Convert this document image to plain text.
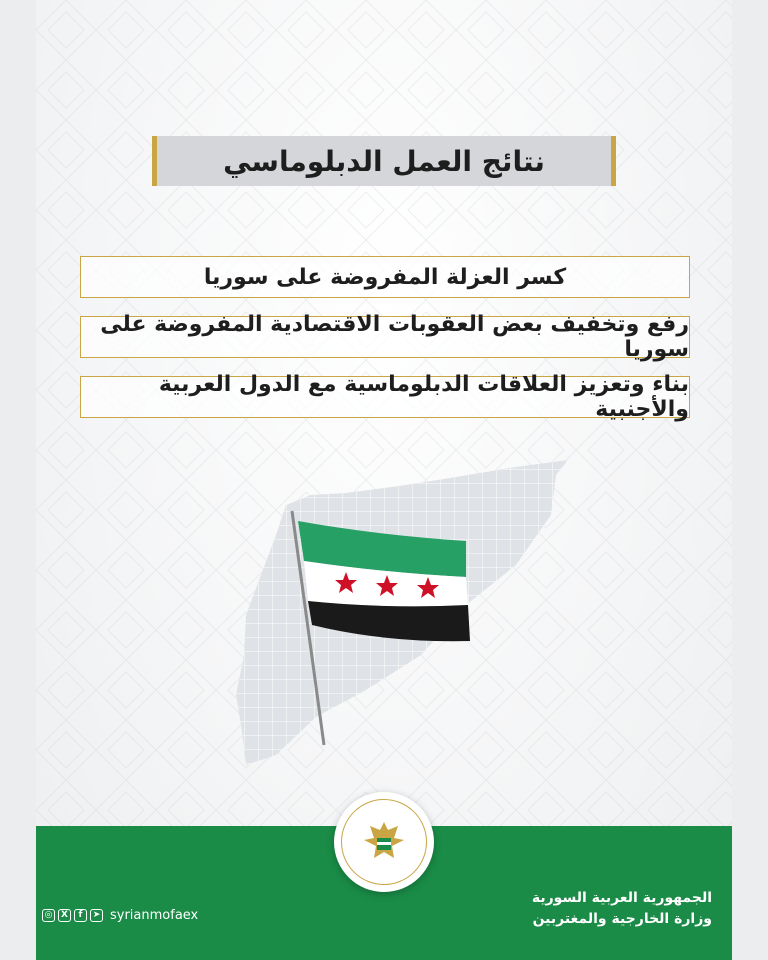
نتائج العمل الدبلوماسي
كسر العزلة المفروضة على سوريا
رفع وتخفيف بعض العقوبات الاقتصادية المفروضة على سوريا
بناء وتعزيز العلاقات الدبلوماسية مع الدول العربية والأجنبية
الجمهورية العربية السورية
وزارة الخارجية والمغتربين
◎ X	f	➤ syrianmofaex
